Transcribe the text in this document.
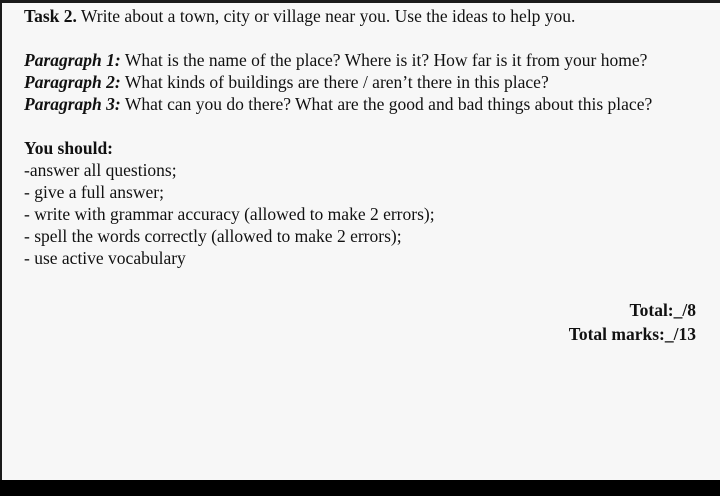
Task 2. Write about a town, city or village near you. Use the ideas to help you.
Paragraph 1: What is the name of the place? Where is it? How far is it from your home?
Paragraph 2: What kinds of buildings are there / aren’t there in this place?
Paragraph 3: What can you do there? What are the good and bad things about this place?
You should:
-answer all questions;
- give a full answer;
- write with grammar accuracy (allowed to make 2 errors);
- spell the words correctly (allowed to make 2 errors);
- use active vocabulary
Total:_/8
Total marks:_/13
